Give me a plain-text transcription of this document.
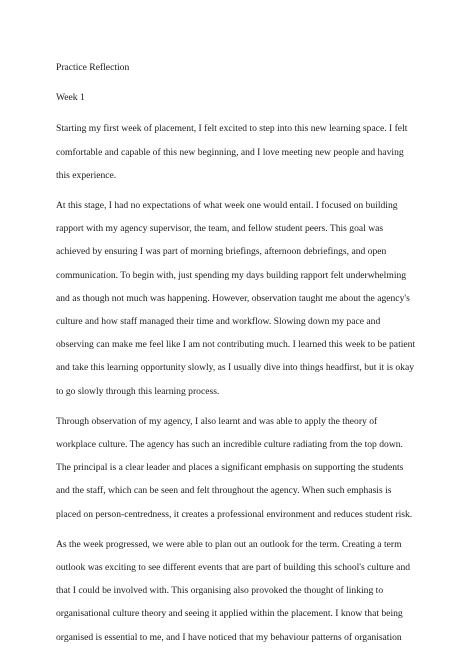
Practice Reflection
Week 1
Starting my first week of placement, I felt excited to step into this new learning space. I felt
comfortable and capable of this new beginning, and I love meeting new people and having
this experience.
At this stage, I had no expectations of what week one would entail. I focused on building
rapport with my agency supervisor, the team, and fellow student peers. This goal was
achieved by ensuring I was part of morning briefings, afternoon debriefings, and open
communication. To begin with, just spending my days building rapport felt underwhelming
and as though not much was happening. However, observation taught me about the agency's
culture and how staff managed their time and workflow. Slowing down my pace and
observing can make me feel like I am not contributing much. I learned this week to be patient
and take this learning opportunity slowly, as I usually dive into things headfirst, but it is okay
to go slowly through this learning process.
Through observation of my agency, I also learnt and was able to apply the theory of
workplace culture. The agency has such an incredible culture radiating from the top down.
The principal is a clear leader and places a significant emphasis on supporting the students
and the staff, which can be seen and felt throughout the agency. When such emphasis is
placed on person-centredness, it creates a professional environment and reduces student risk.
As the week progressed, we were able to plan out an outlook for the term. Creating a term
outlook was exciting to see different events that are part of building this school's culture and
that I could be involved with. This organising also provoked the thought of linking to
organisational culture theory and seeing it applied within the placement. I know that being
organised is essential to me, and I have noticed that my behaviour patterns of organisation
